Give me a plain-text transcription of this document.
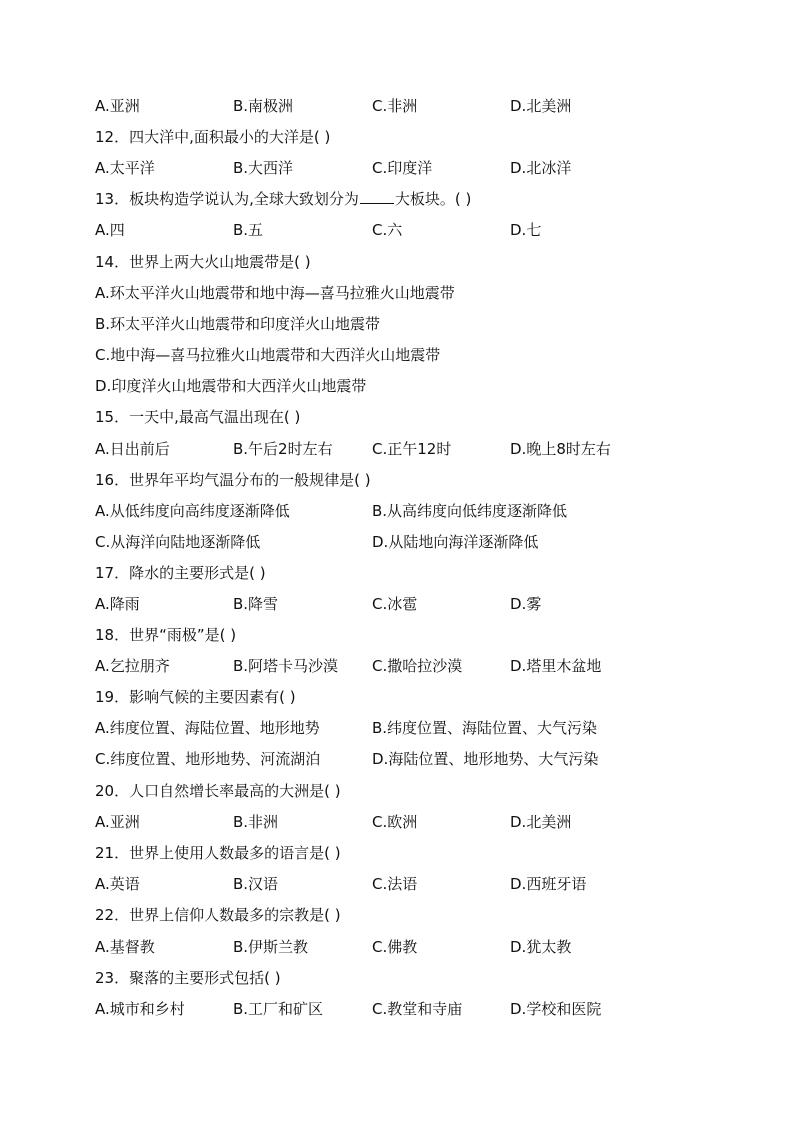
A.亚洲	B.南极洲	C.非洲	D.北美洲
12．四大洋中,面积最小的大洋是( )
A.太平洋	B.大西洋	C.印度洋	D.北冰洋
13．板块构造学说认为,全球大致划分为 大板块。( )
A.四	B.五	C.六	D.七
14．世界上两大火山地震带是( )
A.环太平洋火山地震带和地中海—喜马拉雅火山地震带
B.环太平洋火山地震带和印度洋火山地震带
C.地中海—喜马拉雅火山地震带和大西洋火山地震带
D.印度洋火山地震带和大西洋火山地震带
15．一天中,最高气温出现在( )
A.日出前后	B.午后2时左右	C.正午12时	D.晚上8时左右
16．世界年平均气温分布的一般规律是( )
A.从低纬度向高纬度逐渐降低	B.从高纬度向低纬度逐渐降低
C.从海洋向陆地逐渐降低	D.从陆地向海洋逐渐降低
17．降水的主要形式是( )
A.降雨	B.降雪	C.冰雹	D.雾
18．世界“雨极”是( )
A.乞拉朋齐	B.阿塔卡马沙漠 C.撒哈拉沙漠	D.塔里木盆地
19．影响气候的主要因素有( )
A.纬度位置、海陆位置、地形地势	B.纬度位置、海陆位置、大气污染
C.纬度位置、地形地势、河流湖泊	D.海陆位置、地形地势、大气污染
20．人口自然增长率最高的大洲是( )
A.亚洲	B.非洲	C.欧洲	D.北美洲
21．世界上使用人数最多的语言是( )
A.英语	B.汉语	C.法语	D.西班牙语
22．世界上信仰人数最多的宗教是( )
A.基督教	B.伊斯兰教	C.佛教	D.犹太教
23．聚落的主要形式包括( )
A.城市和乡村	B.工厂和矿区	C.教堂和寺庙	D.学校和医院
